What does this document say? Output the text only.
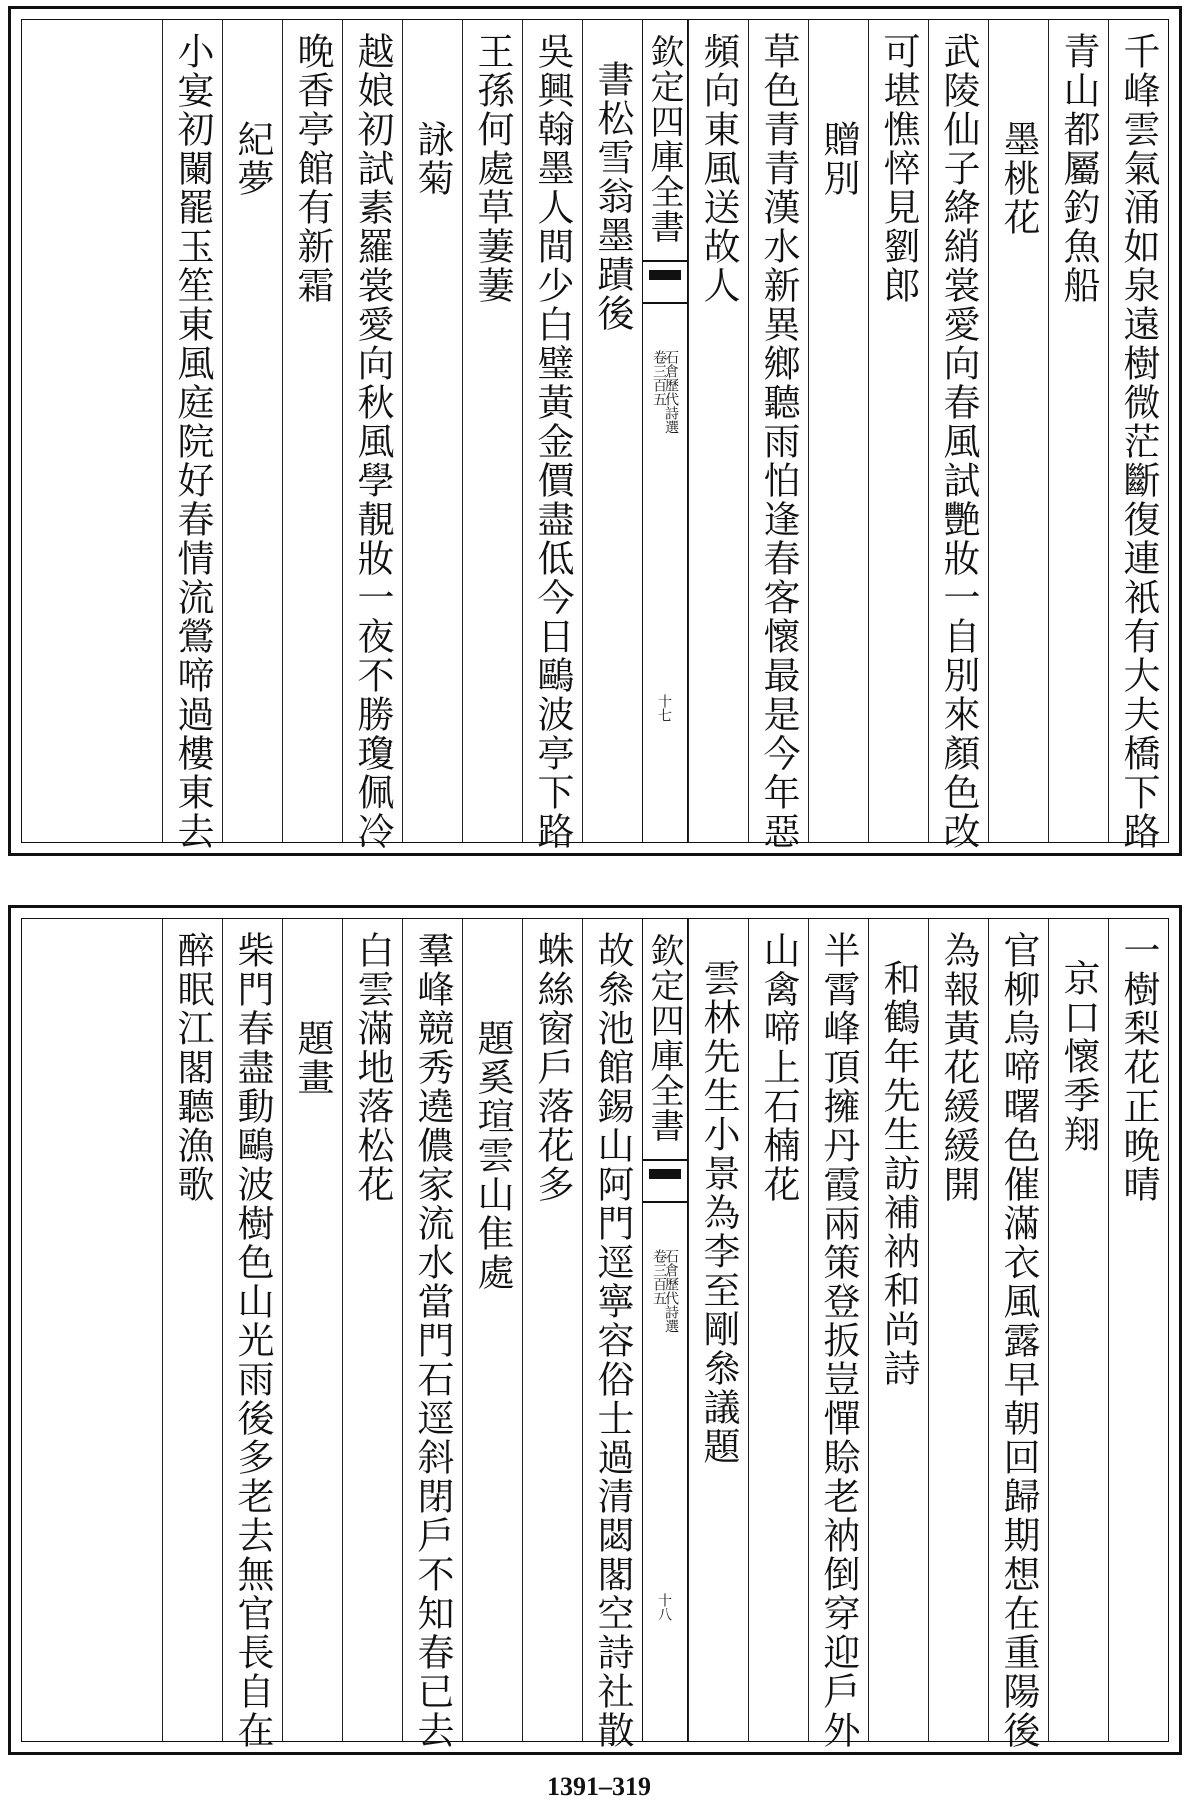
千峰雲氣涌如泉遠樹微茫斷復連衹有大夫橋下路
青山都屬釣魚船
墨桃花
武陵仙子絳綃裳愛向春風試艷妝一自別來顏色改
可堪憔悴見劉郎
贈別
草色青青漢水新異鄉聽雨怕逢春客懷最是今年惡
頻向東風送故人
欽定四庫全書
石倉歷代詩選
卷三百五
十七
書松雪翁墨蹟後
吳興翰墨人間少白璧黃金價盡低今日鷗波亭下路
王孫何處草萋萋
詠菊
越娘初試素羅裳愛向秋風學靚妝一夜不勝瓊佩冷
晚香亭館有新霜
紀夢
小宴初闌罷玉笙東風庭院好春情流鶯啼過樓東去
一樹梨花正晚晴
京口懷季翔
官柳烏啼曙色催滿衣風露早朝回歸期想在重陽後
為報黃花緩緩開
和鶴年先生訪補衲和尚詩
半霄峰頂擁丹霞兩策登扳豈憚賒老衲倒穿迎戶外
山禽啼上石楠花
雲林先生小景為李至剛叅議題
欽定四庫全書
石倉歷代詩選
卷三百五
十八
故叅池館錫山阿門逕寧容俗士過清閟閣空詩社散
蛛絲窗戶落花多
題奚瑄雲山隹處
羣峰競秀遶儂家流水當門石逕斜閉戶不知春已去
白雲滿地落松花
題畫
柴門春盡動鷗波樹色山光雨後多老去無官長自在
醉眠江閣聽漁歌
1391–319
